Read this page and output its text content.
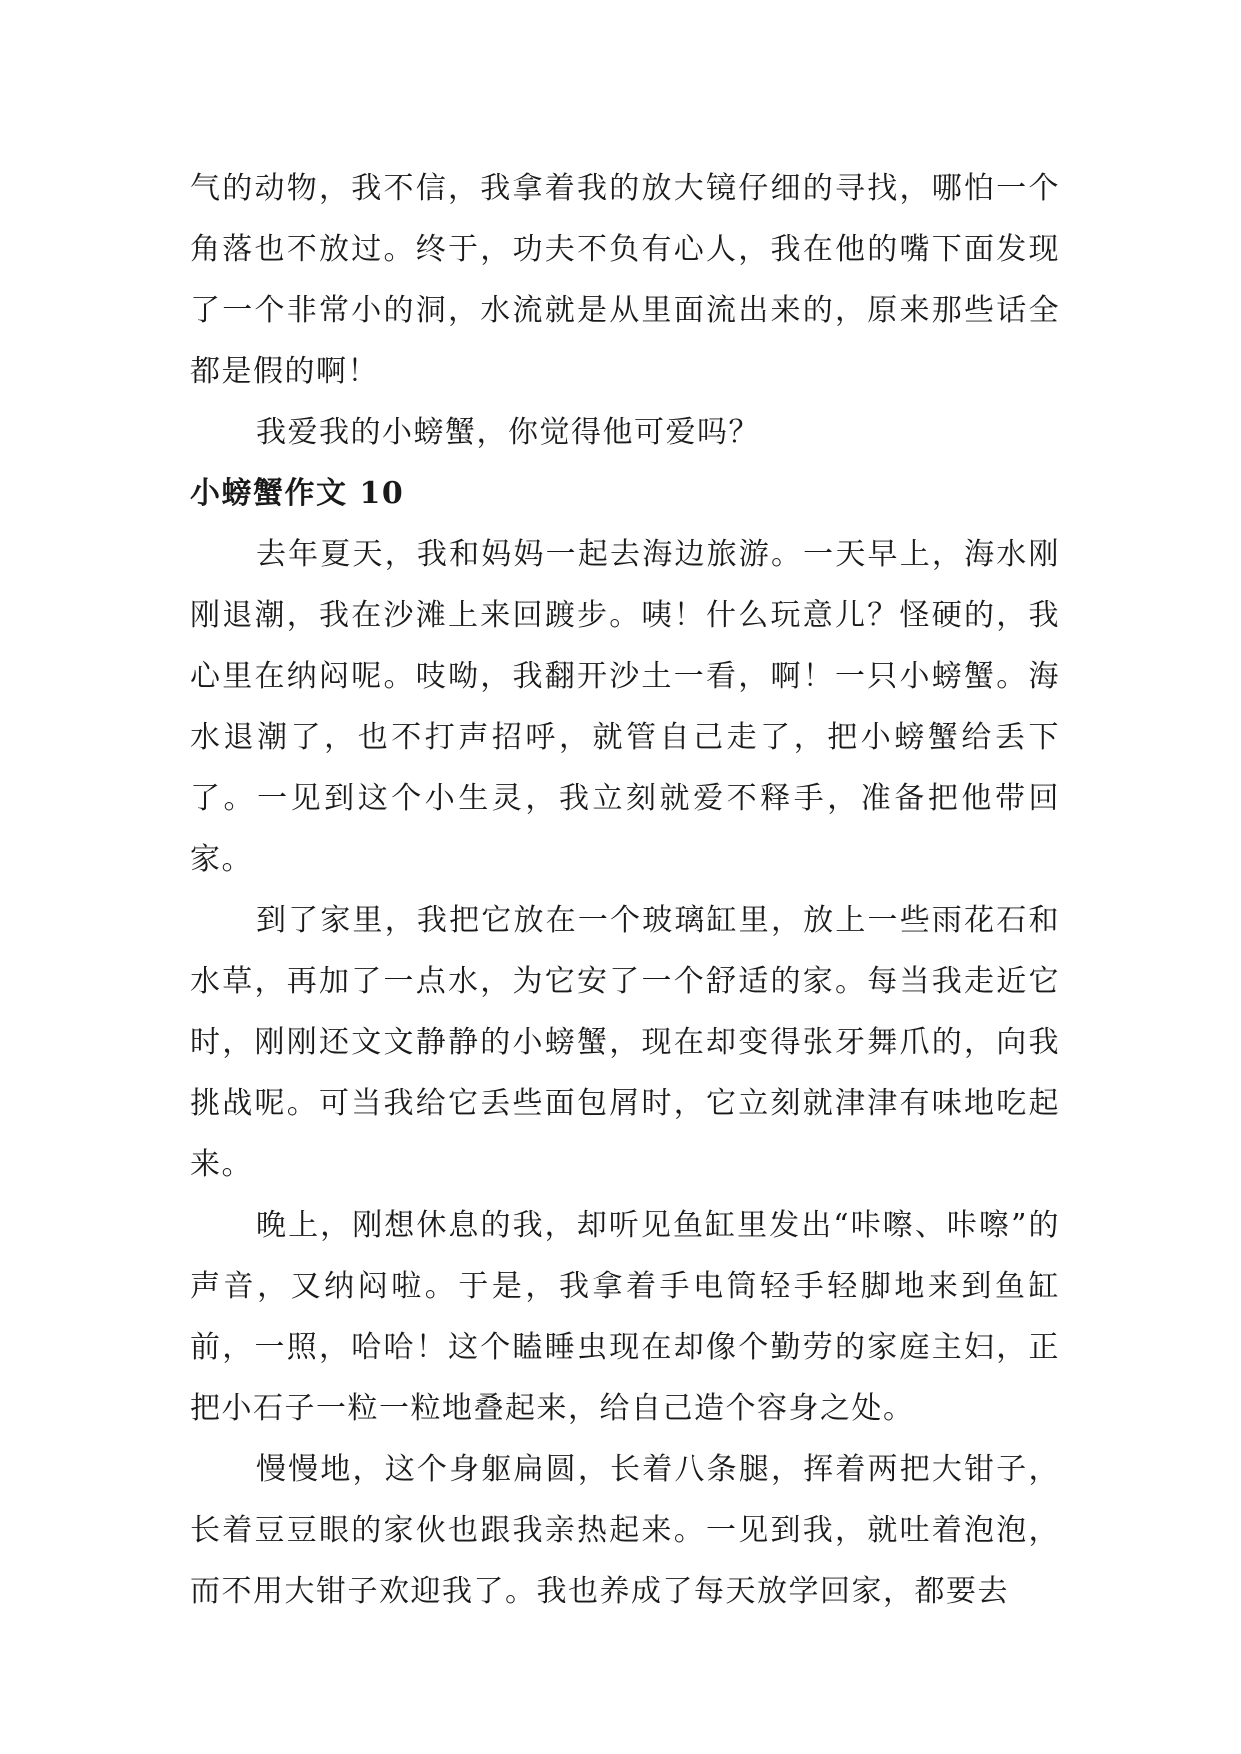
气的动物，我不信，我拿着我的放大镜仔细的寻找，哪怕一个角落也不放过。终于，功夫不负有心人，我在他的嘴下面发现了一个非常小的洞，水流就是从里面流出来的，原来那些话全都是假的啊！

我爱我的小螃蟹，你觉得他可爱吗？

小螃蟹作文 10

去年夏天，我和妈妈一起去海边旅游。一天早上，海水刚刚退潮，我在沙滩上来回踱步。咦！什么玩意儿？怪硬的，我心里在纳闷呢。吱呦，我翻开沙土一看，啊！一只小螃蟹。海水退潮了，也不打声招呼，就管自己走了，把小螃蟹给丢下了。一见到这个小生灵，我立刻就爱不释手，准备把他带回家。

到了家里，我把它放在一个玻璃缸里，放上一些雨花石和水草，再加了一点水，为它安了一个舒适的家。每当我走近它时，刚刚还文文静静的小螃蟹，现在却变得张牙舞爪的，向我挑战呢。可当我给它丢些面包屑时，它立刻就津津有味地吃起来。

晚上，刚想休息的我，却听见鱼缸里发出“咔嚓、咔嚓”的声音，又纳闷啦。于是，我拿着手电筒轻手轻脚地来到鱼缸前，一照，哈哈！这个瞌睡虫现在却像个勤劳的家庭主妇，正把小石子一粒一粒地叠起来，给自己造个容身之处。

慢慢地，这个身躯扁圆，长着八条腿，挥着两把大钳子，长着豆豆眼的家伙也跟我亲热起来。一见到我，就吐着泡泡，而不用大钳子欢迎我了。我也养成了每天放学回家，都要去
